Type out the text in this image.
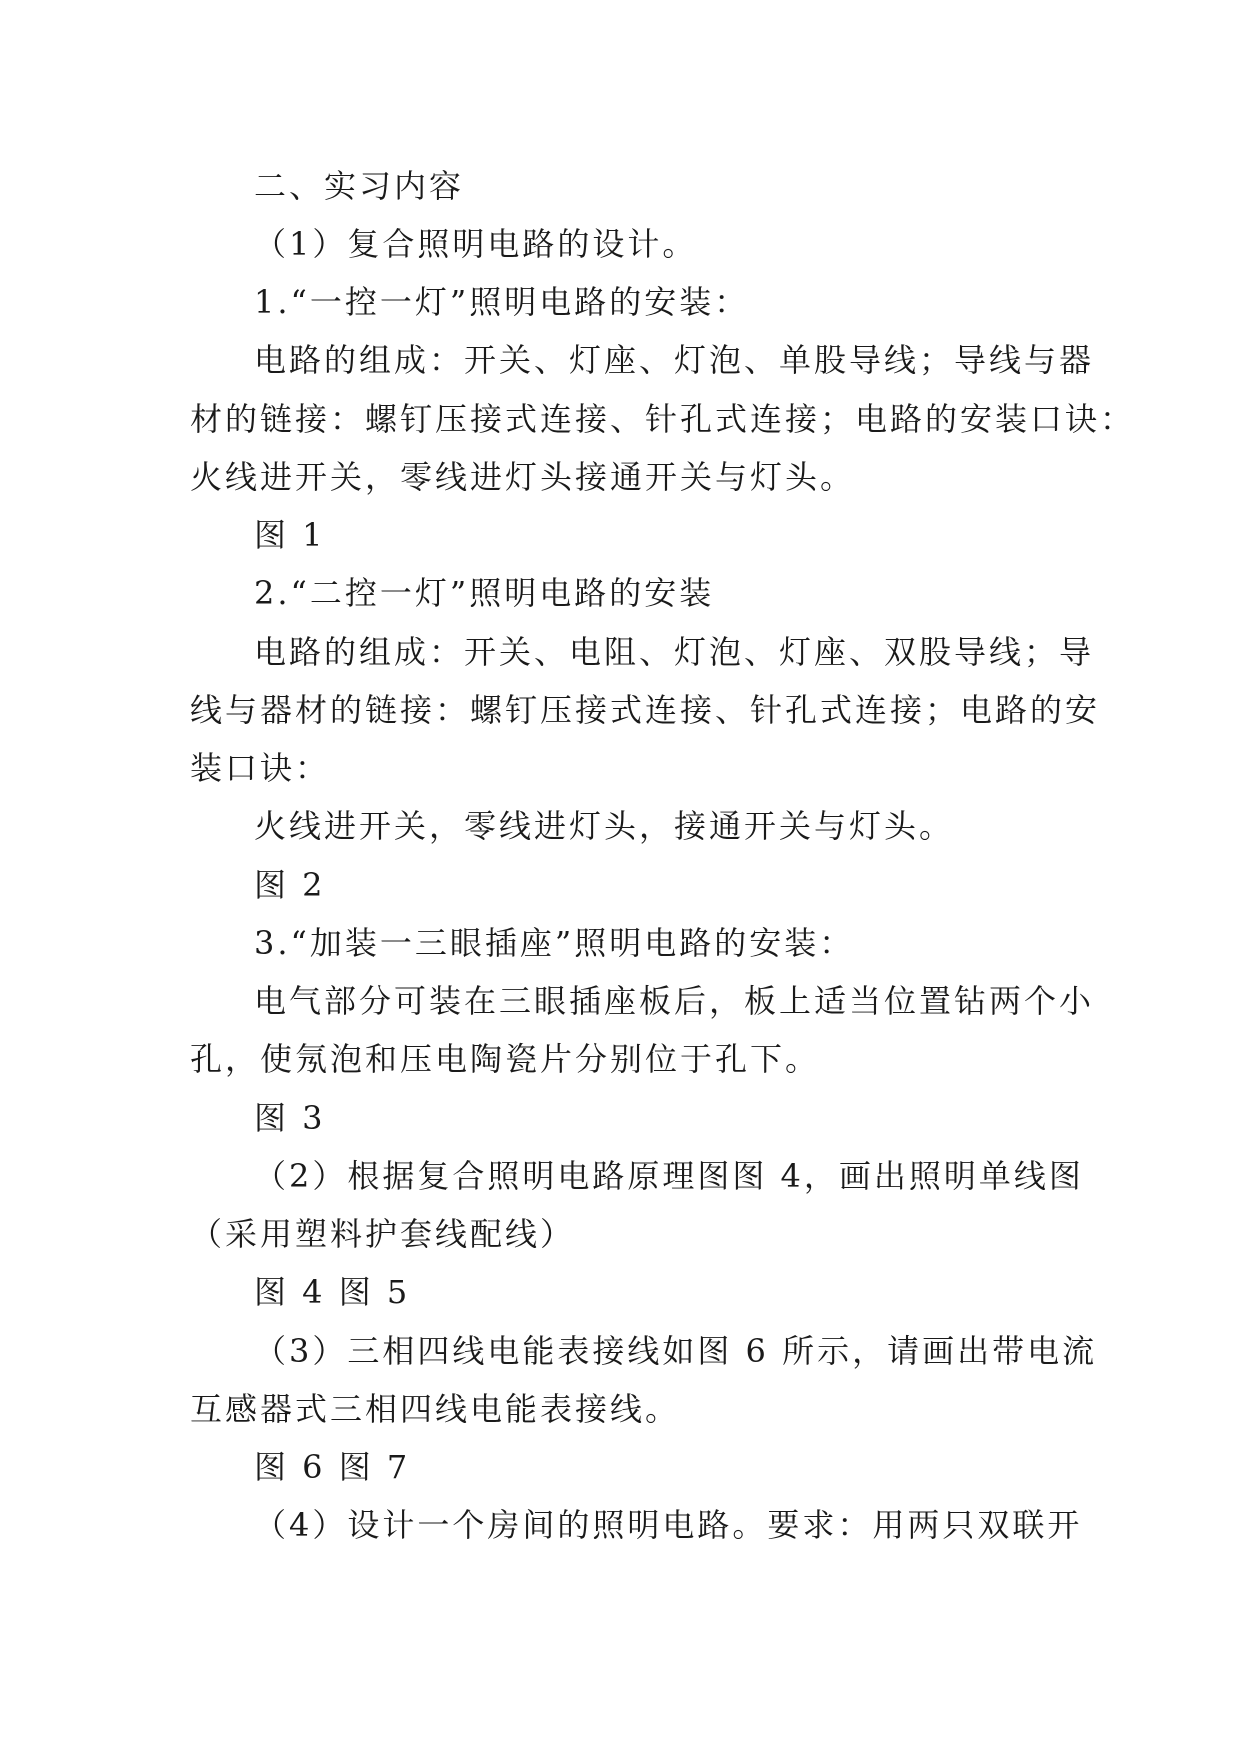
二、实习内容
（1）复合照明电路的设计。
1.“一控一灯”照明电路的安装：
电路的组成：开关、灯座、灯泡、单股导线；导线与器
材的链接：螺钉压接式连接、针孔式连接；电路的安装口诀：
火线进开关，零线进灯头接通开关与灯头。
图 1
2.“二控一灯”照明电路的安装
电路的组成：开关、电阻、灯泡、灯座、双股导线；导
线与器材的链接：螺钉压接式连接、针孔式连接；电路的安
装口诀：
火线进开关，零线进灯头，接通开关与灯头。
图 2
3.“加装一三眼插座”照明电路的安装：
电气部分可装在三眼插座板后，板上适当位置钻两个小
孔，使氖泡和压电陶瓷片分别位于孔下。
图 3
（2）根据复合照明电路原理图图 4，画出照明单线图
（采用塑料护套线配线）
图 4 图 5
（3）三相四线电能表接线如图 6 所示，请画出带电流
互感器式三相四线电能表接线。
图 6 图 7
（4）设计一个房间的照明电路。要求：用两只双联开
